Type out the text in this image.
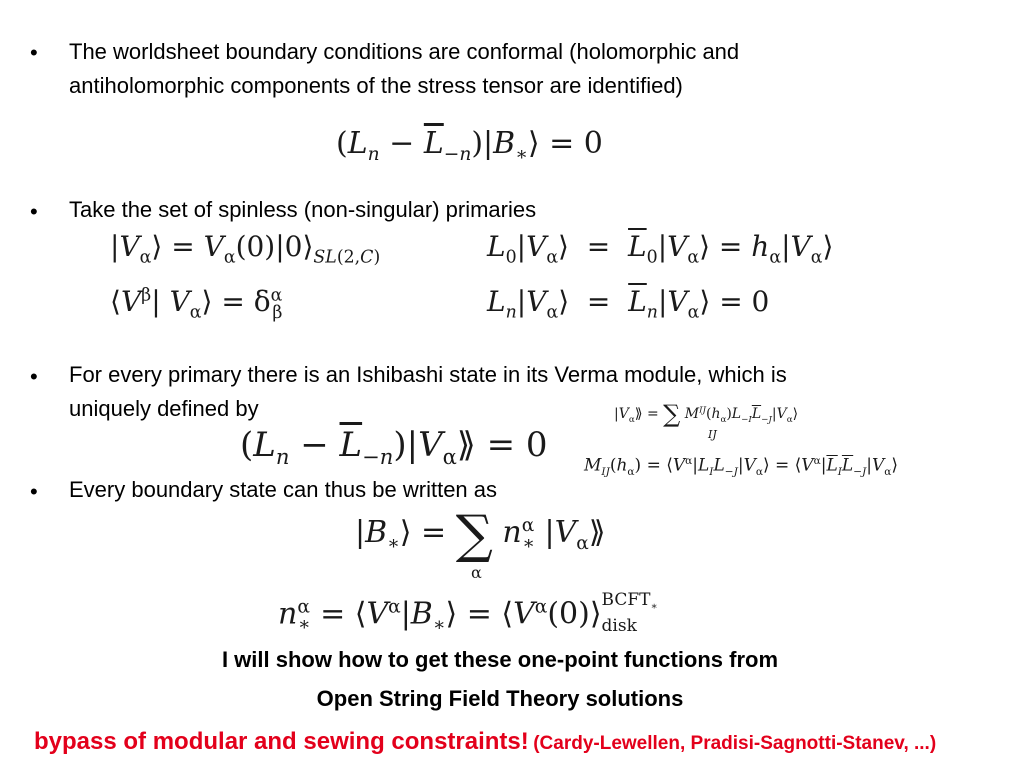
• The worldsheet boundary conditions are conformal (holomorphic and
antiholomorphic components of the stress tensor are identified)
($L_n$ − $\overline{L}_{-n})|B_∗⟩ = 0$
• Take the set of spinless (non-singular) primaries
$|V_\alpha⟩$ = $V_\alpha(0)|0⟩_{SL(2,C)}$
$⟨V^\beta|$ $V_\alpha⟩ = \delta^\alpha_\beta$
$L_0|V_\alpha⟩$  =  $\overline{L}_0|V_\alpha⟩$ = $h_\alpha|V_\alpha⟩$
$L_n|V_\alpha⟩$  =  $\overline{L}_n|V_\alpha⟩ = 0$
• For every primary there is an Ishibashi state in its Verma module, which is
uniquely defined by	$|V_\alpha⟫$ = ∑ $M^{IJ}(h_\alpha)L_{-I}\overline{L}_{-J}|V_\alpha⟩$
IJ
($L_n$ − $\overline{L}_{-n})|V_\alpha⟫ = 0$
$M_{IJ}(h_\alpha)$ = $⟨V^\alpha|L_IL_{-J}|V_\alpha⟩$ = $⟨V^\alpha|\overline{L}_I\overline{L}_{-J}|V_\alpha⟩$
• Every boundary state can thus be written as
$|B_∗⟩$ = ∑ $n^\alpha_∗$ $|V_\alpha⟫$
α
$n^\alpha_∗$ = $⟨V^\alpha|B_∗⟩$ = $⟨V^\alpha(0)⟩BCFT_∗$
disk
I will show how to get these one-point functions from
Open String Field Theory solutions
bypass of modular and sewing constraints! (Cardy-Lewellen, Pradisi-Sagnotti-Stanev, ...)
